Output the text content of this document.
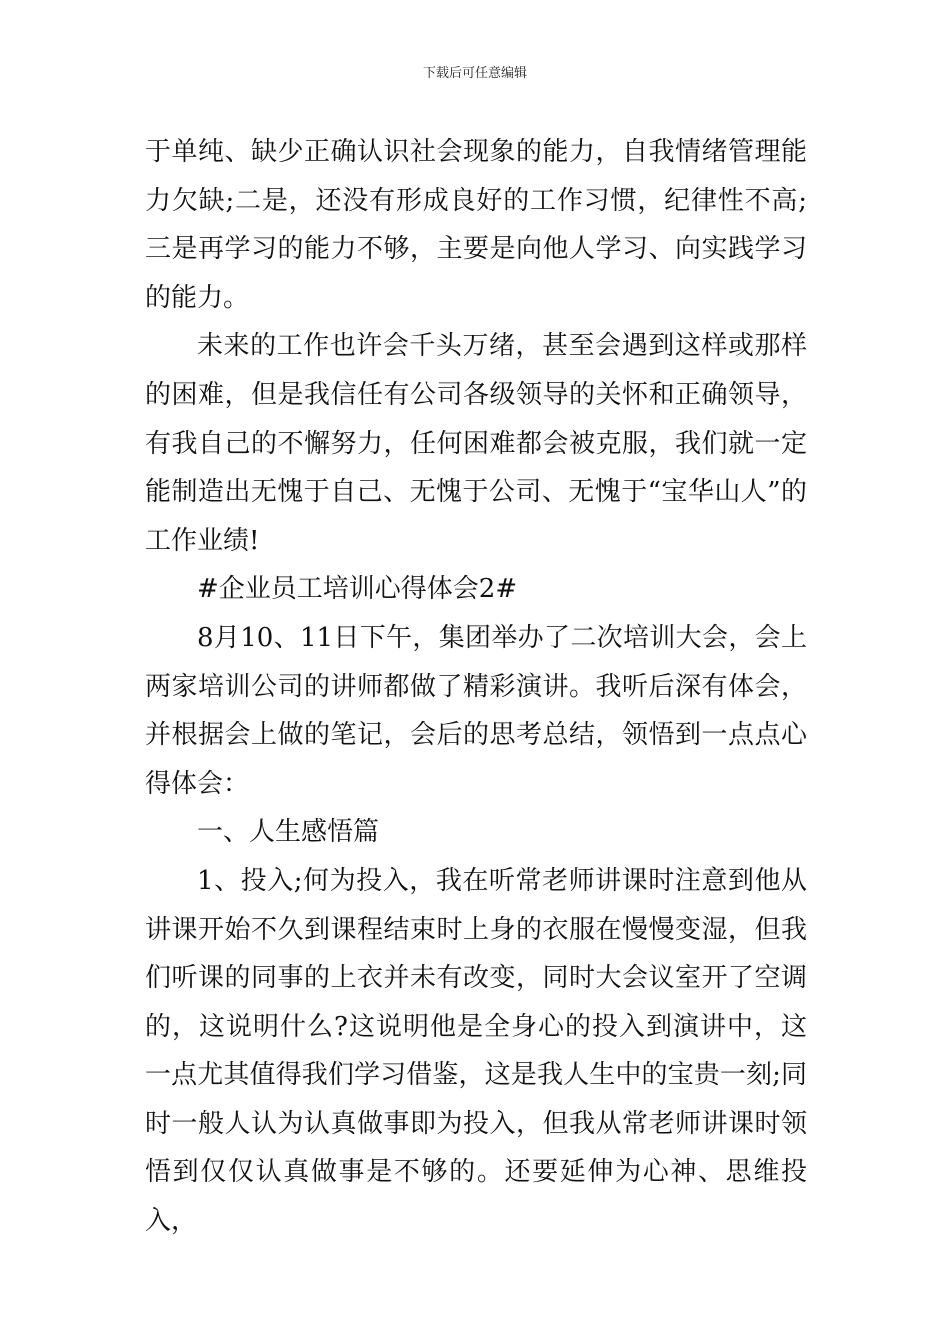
下载后可任意编辑

于单纯、缺少正确认识社会现象的能力，自我情绪管理能力欠缺;二是，还没有形成良好的工作习惯，纪律性不高;三是再学习的能力不够，主要是向他人学习、向实践学习的能力。

未来的工作也许会千头万绪，甚至会遇到这样或那样的困难，但是我信任有公司各级领导的关怀和正确领导，有我自己的不懈努力，任何困难都会被克服，我们就一定能制造出无愧于自己、无愧于公司、无愧于“宝华山人”的工作业绩!

#企业员工培训心得体会2#

8月10、11日下午，集团举办了二次培训大会，会上两家培训公司的讲师都做了精彩演讲。我听后深有体会，并根据会上做的笔记，会后的思考总结，领悟到一点点心得体会：

一、人生感悟篇

1、投入;何为投入，我在听常老师讲课时注意到他从讲课开始不久到课程结束时上身的衣服在慢慢变湿，但我们听课的同事的上衣并未有改变，同时大会议室开了空调的，这说明什么?这说明他是全身心的投入到演讲中，这一点尤其值得我们学习借鉴，这是我人生中的宝贵一刻;同时一般人认为认真做事即为投入，但我从常老师讲课时领悟到仅仅认真做事是不够的。还要延伸为心神、思维投入，
